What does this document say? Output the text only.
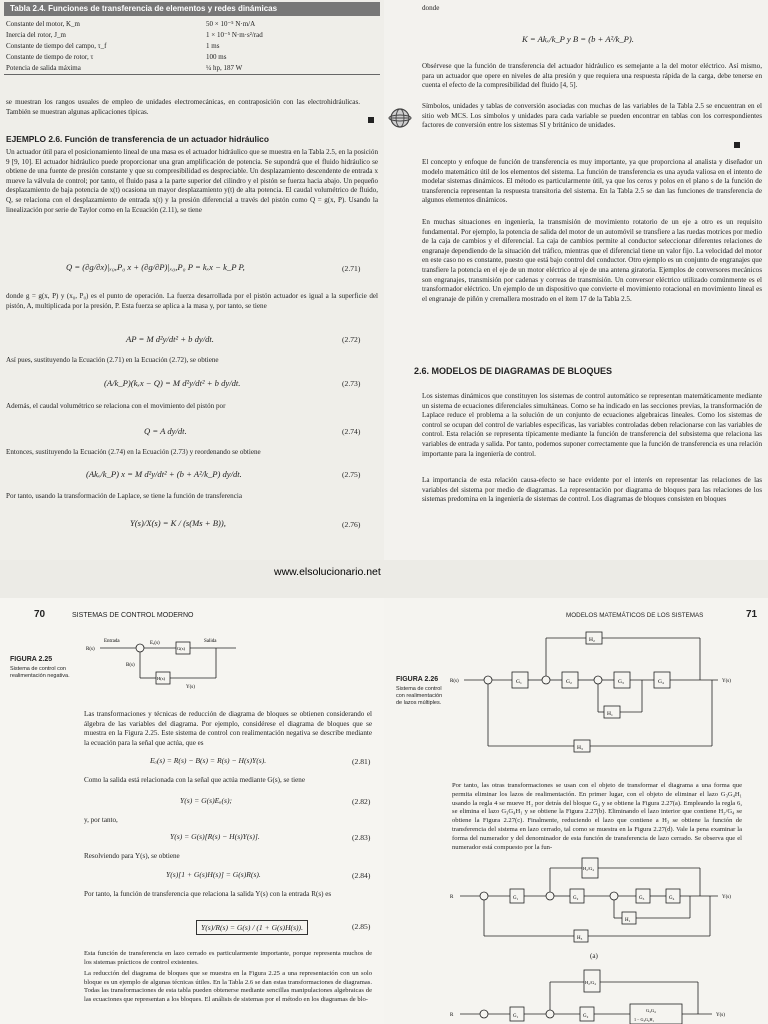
Tabla 2.4. Funciones de transferencia de elementos y redes dinámicas
Constante del motor, K_m	50 × 10⁻⁵ N·m/A
Inercia del rotor, J_m	1 × 10⁻⁵ N·m·s²/rad
Constante de tiempo del campo, τ_f	1 ms
Constante de tiempo de rotor, τ	100 ms
Potencia de salida máxima	¼ hp, 187 W

se muestran los rangos usuales de empleo de unidades electromecánicas, en contraposición con las electrohidráulicas. También se muestran algunas aplicaciones típicas.

EJEMPLO 2.6. Función de transferencia de un actuador hidráulico

Un actuador útil para el posicionamiento lineal de una masa es el actuador hidráulico que se muestra en la Tabla 2.5, en la posición 9 [9, 10]. El actuador hidráulico puede proporcionar una gran amplificación de potencia. Se supondrá que el fluido hidráulico se obtiene de una fuente de presión constante y que su compresibilidad es despreciable. Un desplazamiento descendente de entrada x mueve la válvula de control; por tanto, el fluido pasa a la parte superior del cilindro y el pistón se fuerza hacia abajo. Un pequeño desplazamiento de baja potencia de x(t) ocasiona un mayor desplazamiento y(t) de alta potencia. El caudal volumétrico de fluido, Q, se relaciona con el desplazamiento de entrada x(t) y la presión diferencial a través del pistón como Q = g(x, P). Usando la linealización por serie de Taylor como en la Ecuación (2.11), se tiene

Q = (∂g/∂x)|ₓ₀,P₀ x + (∂g/∂P)|ₓ₀,P₀ P = kₓx − k_P P,	(2.71)

donde g = g(x, P) y (x₀, P₀) es el punto de operación. La fuerza desarrollada por el pistón actuador es igual a la superficie del pistón, A, multiplicada por la presión, P. Esta fuerza se aplica a la masa y, por tanto, se tiene

AP = M d²y/dt² + b dy/dt.	(2.72)

Así pues, sustituyendo la Ecuación (2.71) en la Ecuación (2.72), se obtiene

(A/k_P)(kₓx − Q) = M d²y/dt² + b dy/dt.	(2.73)

Además, el caudal volumétrico se relaciona con el movimiento del pistón por

Q = A dy/dt.	(2.74)

Entonces, sustituyendo la Ecuación (2.74) en la Ecuación (2.73) y reordenando se obtiene

(Akₓ/k_P) x = M d²y/dt² + (b + A²/k_P) dy/dt.	(2.75)

Por tanto, usando la transformación de Laplace, se tiene la función de transferencia

Y(s)/X(s) = K / (s(Ms + B)),	(2.76)
donde
K = Akₓ/k_P y B = (b + A²/k_P).

Obsérvese que la función de transferencia del actuador hidráulico es semejante a la del motor eléctrico. Así mismo, para un actuador que opere en niveles de alta presión y que requiera una respuesta rápida de la carga, debe tenerse en cuenta el efecto de la compresibilidad del fluido [4, 5].

Símbolos, unidades y tablas de conversión asociadas con muchas de las variables de la Tabla 2.5 se encuentran en el sitio web MCS. Los símbolos y unidades para cada variable se pueden encontrar en tablas con los correspondientes factores de conversión entre los sistemas SI y británico de unidades.

El concepto y enfoque de función de transferencia es muy importante, ya que proporciona al analista y diseñador un modelo matemático útil de los elementos del sistema. La función de transferencia es una ayuda valiosa en el intento de modelar sistemas dinámicos. El método es particularmente útil, ya que los ceros y polos en el plano s de la función de transferencia representan la respuesta transitoria del sistema. En la Tabla 2.5 se dan las funciones de transferencia de algunos elementos dinámicos.

En muchas situaciones en ingeniería, la transmisión de movimiento rotatorio de un eje a otro es un requisito fundamental. Por ejemplo, la potencia de salida del motor de un automóvil se transfiere a las ruedas motrices por medio de la caja de cambios y el diferencial. La caja de cambios permite al conductor seleccionar diferentes relaciones de engranaje dependiendo de la situación del tráfico, mientras que el diferencial tiene un valor fijo. La velocidad del motor en este caso no es constante, puesto que está bajo control del conductor. Otro ejemplo es un conjunto de engranajes que transfiere la potencia en el eje de un motor eléctrico al eje de una antena giratoria. Ejemplos de conversores mecánicos son engranajes, transmisión por cadenas y correas de transmisión. Un conversor eléctrico utilizado comúnmente es el transformador eléctrico. Un ejemplo de un dispositivo que convierte el movimiento rotacional en movimiento lineal es el engranaje de piñón y cremallera mostrado en el ítem 17 de la Tabla 2.5.

2.6. MODELOS DE DIAGRAMAS DE BLOQUES

Los sistemas dinámicos que constituyen los sistemas de control automático se representan matemáticamente mediante un sistema de ecuaciones diferenciales simultáneas. Como se ha indicado en las secciones previas, la transformación de Laplace reduce el problema a la solución de un conjunto de ecuaciones algebraicas lineales. Como los sistemas de control se ocupan del control de variables específicas, las variables controladas deben relacionarse con las variables de control. Esta relación se representa típicamente mediante la función de transferencia del subsistema que relaciona las variables de entrada y salida. Por tanto, podemos suponer correctamente que la función de transferencia es una relación importante para la ingeniería de control.

La importancia de esta relación causa-efecto se hace evidente por el interés en representar las relaciones de las variables del sistema por medio de diagramas. La representación por diagrama de bloques para las relaciones de los sistemas predomina en la ingeniería de sistemas de control. Los diagramas de bloques consisten en bloques

www.elsolucionario.net
70	SISTEMAS DE CONTROL MODERNO
FIGURA 2.25
Sistema de control con realimentación negativa.
Entrada	Salida
R(s)
Eₐ(s)
G(s)
H(s)
B(s)
Y(s)

Las transformaciones y técnicas de reducción de diagrama de bloques se obtienen considerando el álgebra de las variables del diagrama. Por ejemplo, considérese el diagrama de bloques que se muestra en la Figura 2.25. Este sistema de control con realimentación negativa se describe mediante la ecuación para la señal que actúa, que es

Eₐ(s) = R(s) − B(s) = R(s) − H(s)Y(s).	(2.81)

Como la salida está relacionada con la señal que actúa mediante G(s), se tiene

Y(s) = G(s)Eₐ(s);	(2.82)

y, por tanto,

Y(s) = G(s)[R(s) − H(s)Y(s)].	(2.83)

Resolviendo para Y(s), se obtiene

Y(s)[1 + G(s)H(s)] = G(s)R(s).	(2.84)

Por tanto, la función de transferencia que relaciona la salida Y(s) con la entrada R(s) es

Y(s)/R(s) = G(s) / (1 + G(s)H(s)).	(2.85)

Esta función de transferencia en lazo cerrado es particularmente importante, porque representa muchos de los sistemas prácticos de control existentes.

La reducción del diagrama de bloques que se muestra en la Figura 2.25 a una representación con un solo bloque es un ejemplo de algunas técnicas útiles. En la Tabla 2.6 se dan estas transformaciones de diagramas. Todas las transformaciones de esta tabla pueden obtenerse mediante sencillas manipulaciones algebraicas de las ecuaciones que representan a los bloques. El análisis de sistemas por el método en los diagramas de blo-

MODELOS MATEMÁTICOS DE LOS SISTEMAS	71
R(s)	Y(s)
G₁	G₂	G₃	G₄
H₂
H₁
H₃
FIGURA 2.26
Sistema de control con realimentación de lazos múltiples.

Por tanto, las otras transformaciones se usan con el objeto de transformar el diagrama a una forma que permita eliminar los lazos de realimentación. En primer lugar, con el objeto de eliminar el lazo G₃G₄H₁ usando la regla 4 se mueve H₂ por detrás del bloque G₄ y se obtiene la Figura 2.27(a). Empleando la regla 6, se elimina el lazo G₃G₄H₁ y se obtiene la Figura 2.27(b). Eliminando el lazo interior que contiene H₂/G₄ se obtiene la Figura 2.27(c). Finalmente, reduciendo el lazo que contiene a H₃ se obtiene la función de transferencia del sistema en lazo cerrado, tal como se muestra en la Figura 2.27(d). Vale la pena examinar la forma del numerador y del denominador de esta función de transferencia de lazo cerrado. Se observa que el numerador está compuesto por la fun-

R	Y(s)
H₂/G₄
G₁	G₂	G₃	G₄
H₁
H₃
(a)
R	Y(s)
H₂/G₄
G₁	G₂
G₃G₄
1 − G₃G₄H₁
